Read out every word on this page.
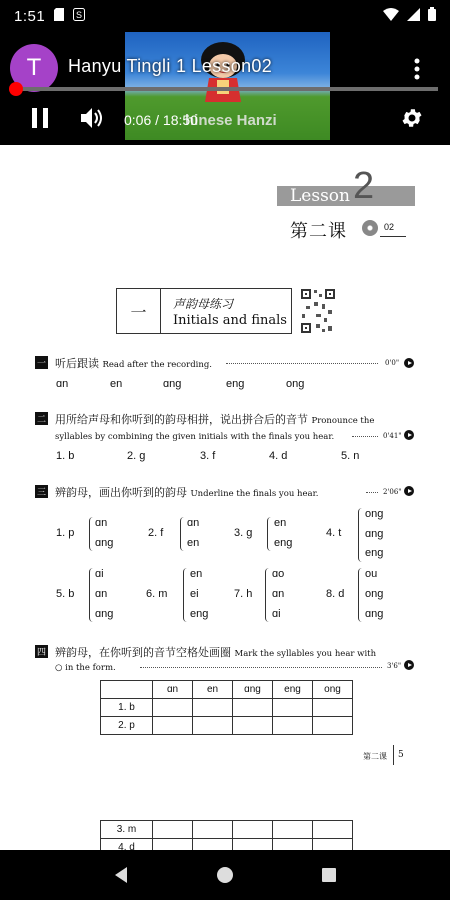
1:51	S
hinese Hanzi
T	Hanyu Tingli 1 Lesson02
0:06 / 18:50
Lesson 2
第二课	02
一	声韵母练习
Initials and finals
一 听后跟读 Read after the recording.	0'0"
ɑn	en	ɑng	eng	ong
二 用所给声母和你听到的韵母相拼，说出拼合后的音节 Pronounce the
syllables by combining the given initials with the finals you hear.	0'41"
1. b	2. g	3. f	4. d	5. n
三 辨韵母，画出你听到的韵母 Underline the finals you hear.	2'06"
1. p
ɑn
ɑng
2. f
ɑn
en
3. g
en
eng
4. t
ong
ɑng
eng
5. b
ɑi
ɑn
ɑng
6. m
en
ei
eng
7. h
ɑo
ɑn
ɑi
8. d
ou
ong
ɑng
四 辨韵母，在你听到的音节空格处画圈 Mark the syllables you hear with
○ in the form.	3'6"
	ɑn	en	ɑng	eng	ong
1. b					
2. p					
第二课 5
3. m					
4. d					
